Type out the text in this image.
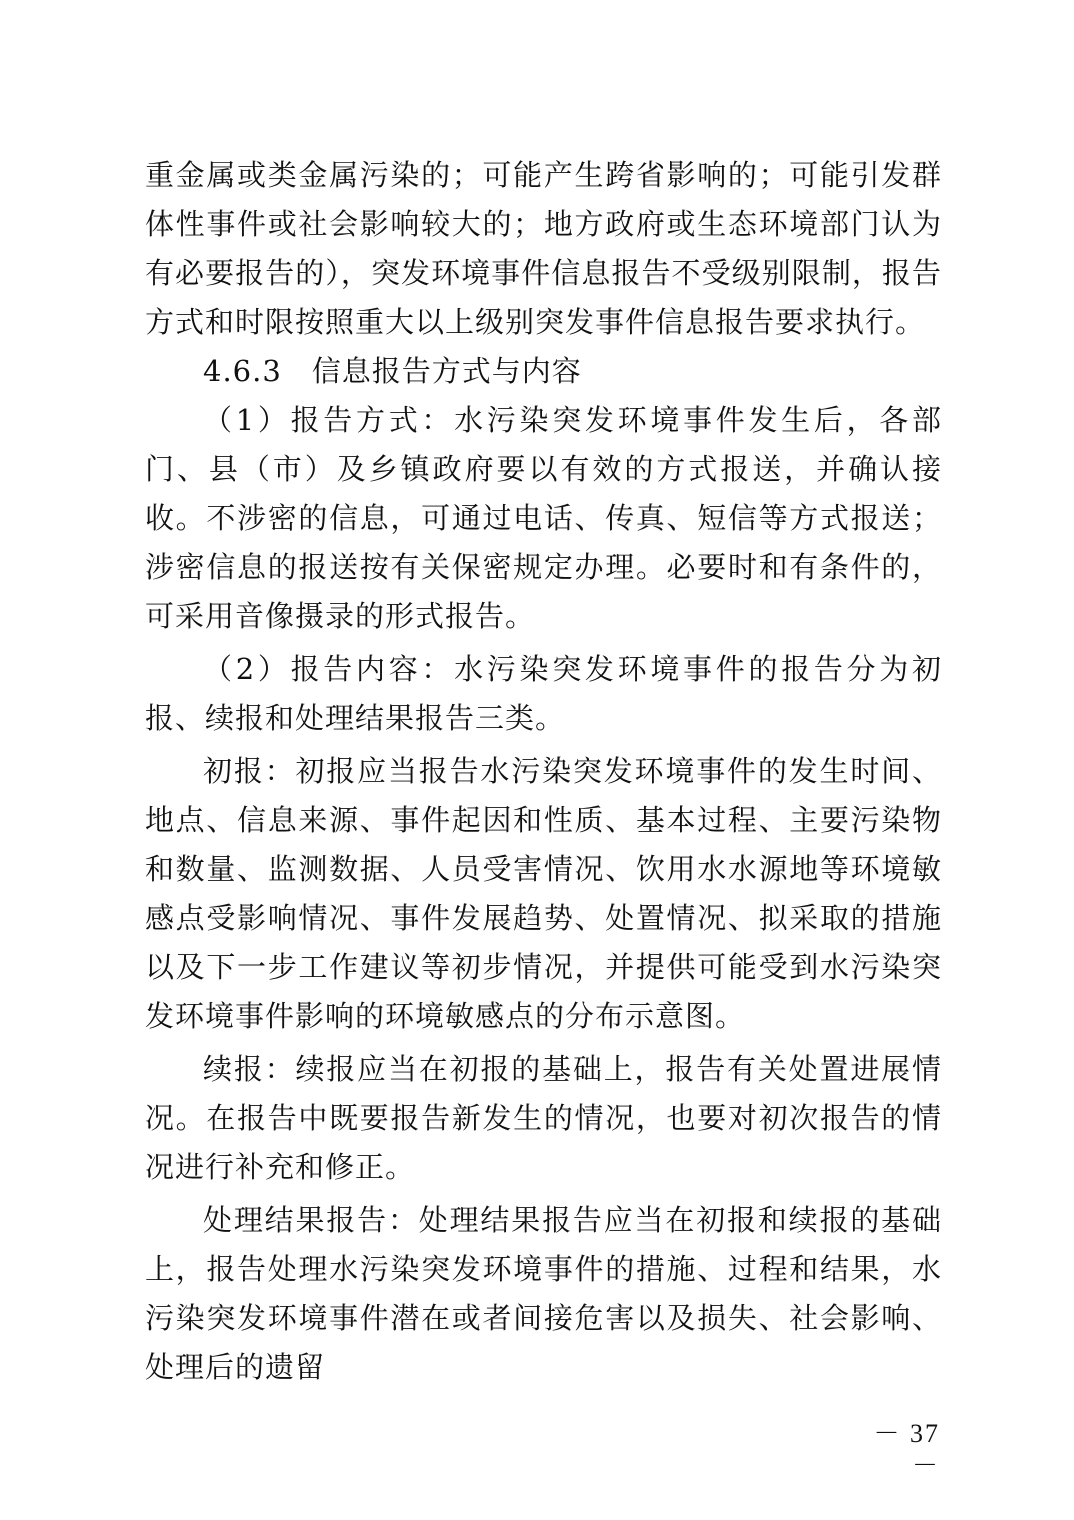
重金属或类金属污染的；可能产生跨省影响的；可能引发群体性事件或社会影响较大的；地方政府或生态环境部门认为有必要报告的），突发环境事件信息报告不受级别限制，报告方式和时限按照重大以上级别突发事件信息报告要求执行。

4.6.3　信息报告方式与内容

（1）报告方式：水污染突发环境事件发生后，各部门、县（市）及乡镇政府要以有效的方式报送，并确认接收。不涉密的信息，可通过电话、传真、短信等方式报送；涉密信息的报送按有关保密规定办理。必要时和有条件的，可采用音像摄录的形式报告。

（2）报告内容：水污染突发环境事件的报告分为初报、续报和处理结果报告三类。

初报：初报应当报告水污染突发环境事件的发生时间、地点、信息来源、事件起因和性质、基本过程、主要污染物和数量、监测数据、人员受害情况、饮用水水源地等环境敏感点受影响情况、事件发展趋势、处置情况、拟采取的措施以及下一步工作建议等初步情况，并提供可能受到水污染突发环境事件影响的环境敏感点的分布示意图。

续报：续报应当在初报的基础上，报告有关处置进展情况。在报告中既要报告新发生的情况，也要对初次报告的情况进行补充和修正。

处理结果报告：处理结果报告应当在初报和续报的基础上，报告处理水污染突发环境事件的措施、过程和结果，水污染突发环境事件潜在或者间接危害以及损失、社会影响、处理后的遗留

－ 37 －
